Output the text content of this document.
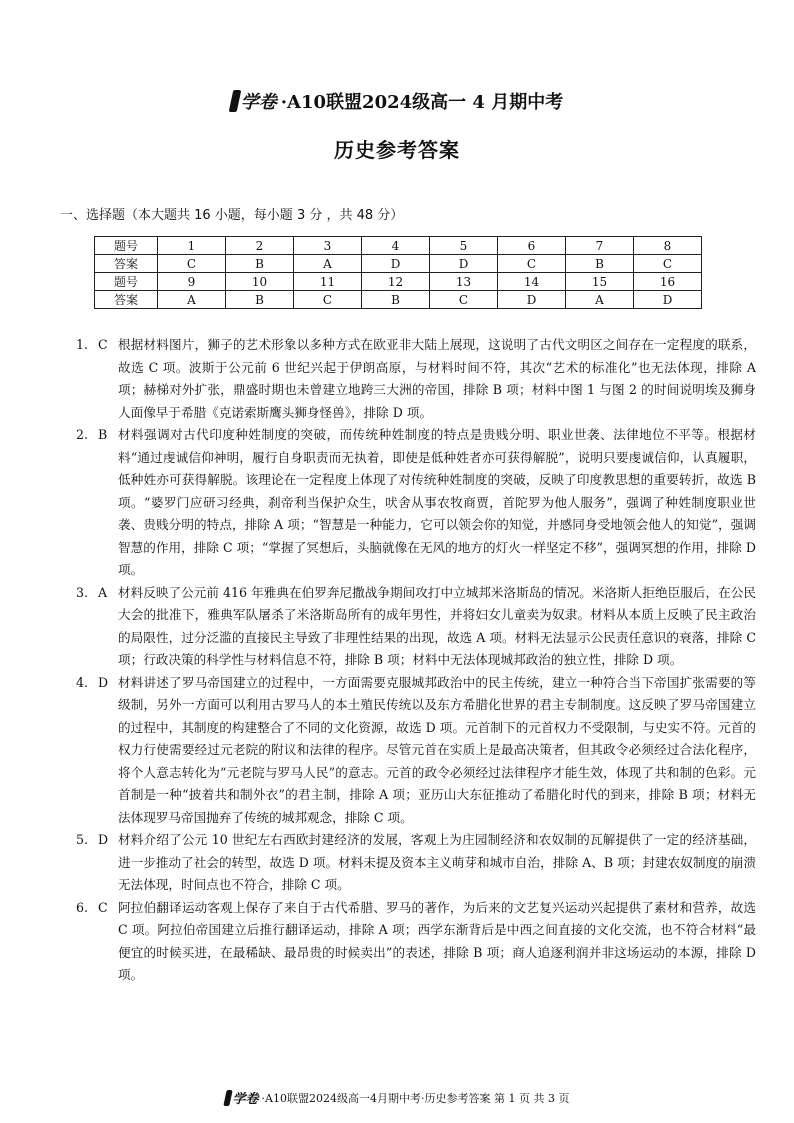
学卷 ·A10联盟2024级高一 4 月期中考
历史参考答案
一、选择题（本大题共 16 小题，每小题 3 分 ，共 48 分）
题号	1	2	3	4	5	6	7	8
答案	C	B	A	D	D	C	B	C
题号	9	10	11	12	13	14	15	16
答案	A	B	C	B	C	D	A	D
1. C 根据材料图片，狮子的艺术形象以多种方式在欧亚非大陆上展现，这说明了古代文明区之间存在一定程度的联系，故选 C 项。波斯于公元前 6 世纪兴起于伊朗高原，与材料时间不符，其次“艺术的标准化”也无法体现，排除 A 项；赫梯对外扩张，鼎盛时期也未曾建立地跨三大洲的帝国，排除 B 项；材料中图 1 与图 2 的时间说明埃及狮身人面像早于希腊《克诺索斯鹰头狮身怪兽》，排除 D 项。
2. B 材料强调对古代印度种姓制度的突破，而传统种姓制度的特点是贵贱分明、职业世袭、法律地位不平等。根据材料“通过虔诚信仰神明，履行自身职责而无执着，即使是低种姓者亦可获得解脱”，说明只要虔诚信仰，认真履职，低种姓亦可获得解脱。该理论在一定程度上体现了对传统种姓制度的突破，反映了印度教思想的重要转折，故选 B 项。“婆罗门应研习经典，刹帝利当保护众生，吠舍从事农牧商贾，首陀罗为他人服务”，强调了种姓制度职业世袭、贵贱分明的特点，排除 A 项；“智慧是一种能力，它可以领会你的知觉，并感同身受地领会他人的知觉”，强调智慧的作用，排除 C 项；“掌握了冥想后，头脑就像在无风的地方的灯火一样坚定不移”，强调冥想的作用，排除 D 项。
3. A 材料反映了公元前 416 年雅典在伯罗奔尼撒战争期间攻打中立城邦米洛斯岛的情况。米洛斯人拒绝臣服后，在公民大会的批准下，雅典军队屠杀了米洛斯岛所有的成年男性，并将妇女儿童卖为奴隶。材料从本质上反映了民主政治的局限性，过分泛滥的直接民主导致了非理性结果的出现，故选 A 项。材料无法显示公民责任意识的衰落，排除 C 项；行政决策的科学性与材料信息不符，排除 B 项；材料中无法体现城邦政治的独立性，排除 D 项。
4. D 材料讲述了罗马帝国建立的过程中，一方面需要克服城邦政治中的民主传统，建立一种符合当下帝国扩张需要的等级制，另外一方面可以利用古罗马人的本土殖民传统以及东方希腊化世界的君主专制制度。这反映了罗马帝国建立的过程中，其制度的构建整合了不同的文化资源，故选 D 项。元首制下的元首权力不受限制，与史实不符。元首的权力行使需要经过元老院的附议和法律的程序。尽管元首在实质上是最高决策者，但其政令必须经过合法化程序，将个人意志转化为“元老院与罗马人民”的意志。元首的政令必须经过法律程序才能生效，体现了共和制的色彩。元首制是一种“披着共和制外衣”的君主制，排除 A 项；亚历山大东征推动了希腊化时代的到来，排除 B 项；材料无法体现罗马帝国抛弃了传统的城邦观念，排除 C 项。
5. D 材料介绍了公元 10 世纪左右西欧封建经济的发展，客观上为庄园制经济和农奴制的瓦解提供了一定的经济基础，进一步推动了社会的转型，故选 D 项。材料未提及资本主义萌芽和城市自治，排除 A、B 项；封建农奴制度的崩溃无法体现，时间点也不符合，排除 C 项。
6. C 阿拉伯翻译运动客观上保存了来自于古代希腊、罗马的著作，为后来的文艺复兴运动兴起提供了素材和营养，故选 C 项。阿拉伯帝国建立后推行翻译运动，排除 A 项；西学东渐背后是中西之间直接的文化交流，也不符合材料“最便宜的时候买进，在最稀缺、最昂贵的时候卖出”的表述，排除 B 项；商人追逐利润并非这场运动的本源，排除 D 项。
学卷 ·A10联盟2024级高一4月期中考·历史参考答案 第 1 页 共 3 页
